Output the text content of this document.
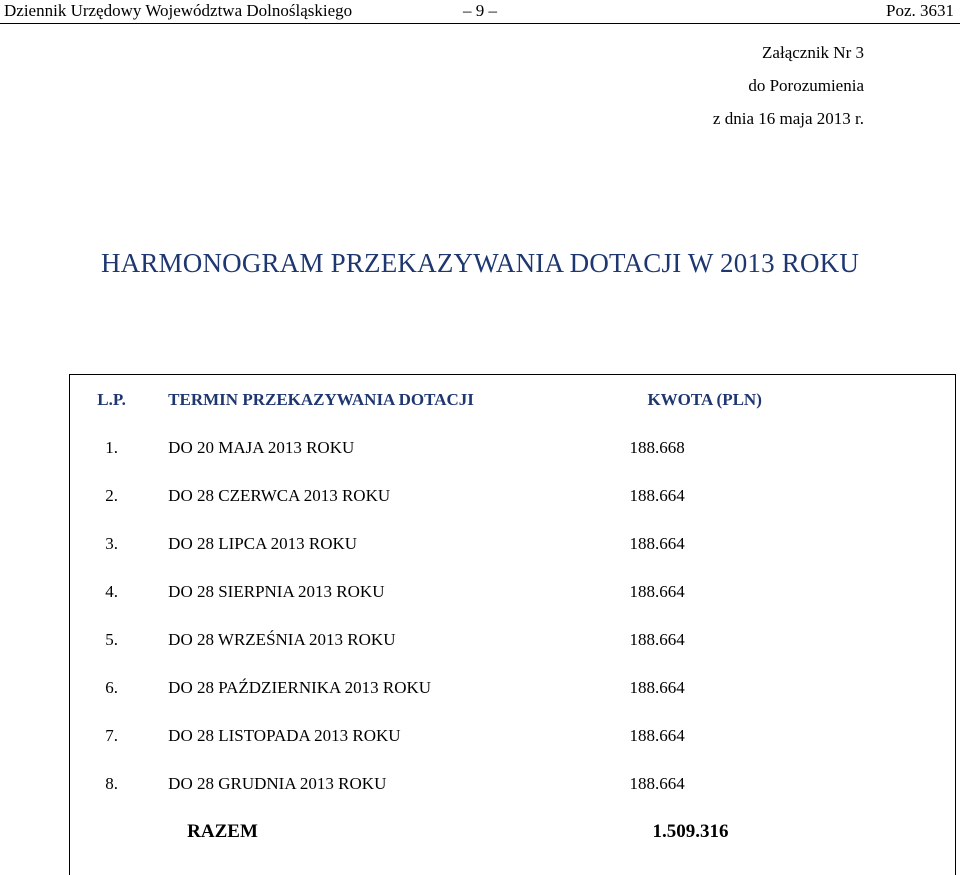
Dziennik Urzędowy Województwa Dolnośląskiego	– 9 –	Poz. 3631
Załącznik Nr 3
do Porozumienia
z dnia 16 maja 2013 r.
HARMONOGRAM PRZEKAZYWANIA DOTACJI W 2013 ROKU
L.P.	TERMIN PRZEKAZYWANIA DOTACJI	KWOTA (PLN)
1.	DO 20 MAJA 2013 ROKU	188.668
2.	DO 28 CZERWCA 2013 ROKU	188.664
3.	DO 28 LIPCA 2013 ROKU	188.664
4.	DO 28 SIERPNIA 2013 ROKU	188.664
5.	DO 28 WRZEŚNIA 2013 ROKU	188.664
6.	DO 28 PAŹDZIERNIKA 2013 ROKU	188.664
7.	DO 28 LISTOPADA 2013 ROKU	188.664
8.	DO 28 GRUDNIA 2013 ROKU	188.664
	RAZEM	1.509.316
